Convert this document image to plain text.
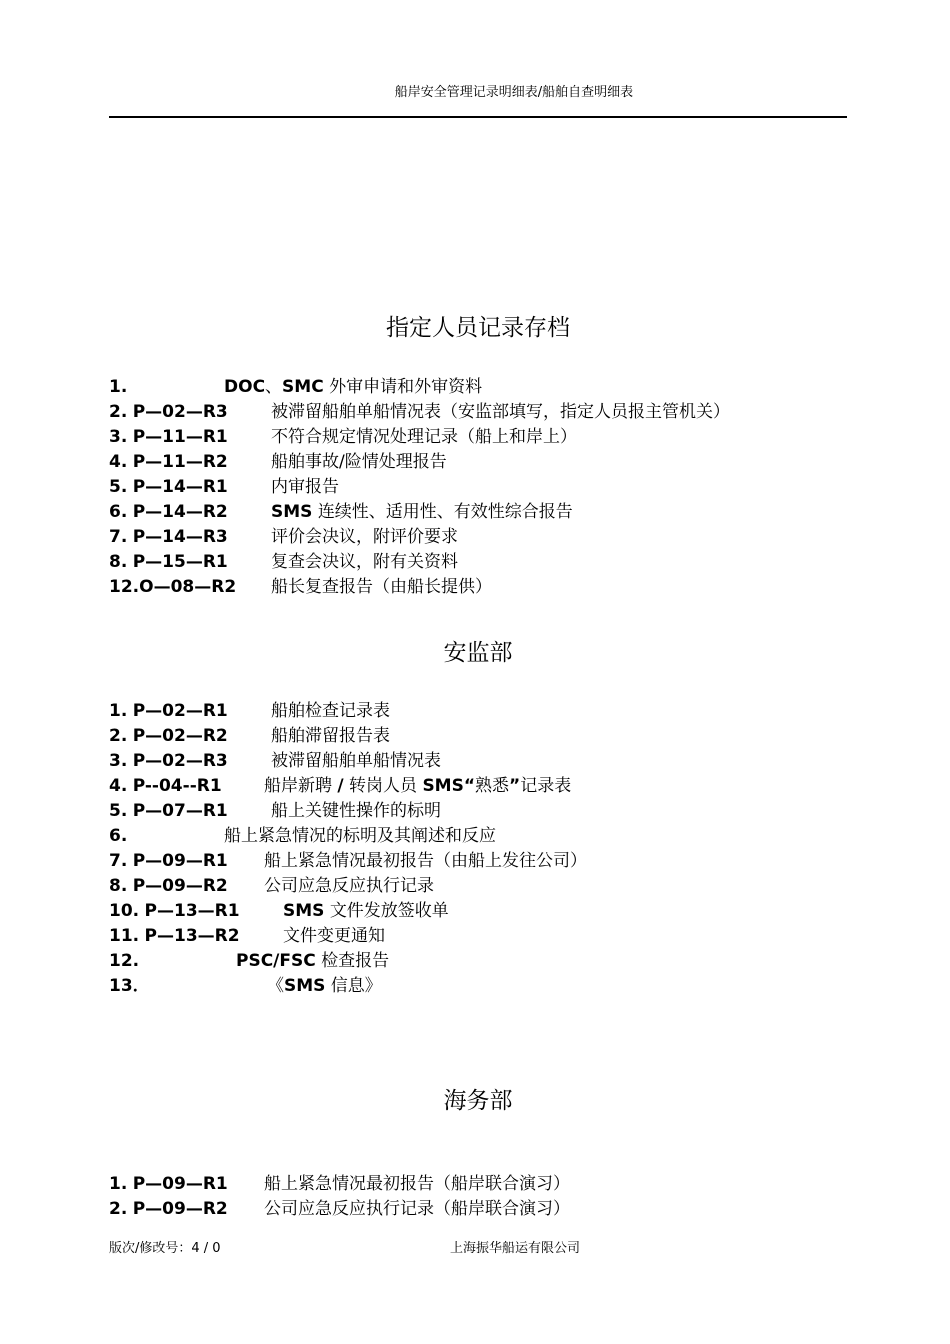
船岸安全管理记录明细表/船舶自查明细表
指定人员记录存档
1.	DOC、SMC 外审申请和外审资料
2. P—02—R3	被滞留船舶单船情况表（安监部填写，指定人员报主管机关）
3. P—11—R1	不符合规定情况处理记录（船上和岸上）
4. P—11—R2	船舶事故/险情处理报告
5. P—14—R1	内审报告
6. P—14—R2	SMS 连续性、适用性、有效性综合报告
7. P—14—R3	评价会决议，附评价要求
8. P—15—R1	复查会决议，附有关资料
12.O—08—R2 船长复查报告（由船长提供）
安监部
1. P—02—R1	船舶检查记录表
2. P—02—R2	船舶滞留报告表
3. P—02—R3	被滞留船舶单船情况表
4. P--04--R1 船岸新聘 / 转岗人员 SMS“熟悉”记录表
5. P—07—R1	船上关键性操作的标明
6.	船上紧急情况的标明及其阐述和反应
7. P—09—R1 船上紧急情况最初报告（由船上发往公司）
8. P—09—R2 公司应急反应执行记录
10. P—13—R1	SMS 文件发放签收单
11. P—13—R2	文件变更通知
12.	PSC/FSC 检查报告
13．	《SMS 信息》
海务部
1. P—09—R1 船上紧急情况最初报告（船岸联合演习）
2. P—09—R2 公司应急反应执行记录（船岸联合演习）
版次/修改号：4 / 0	上海振华船运有限公司
